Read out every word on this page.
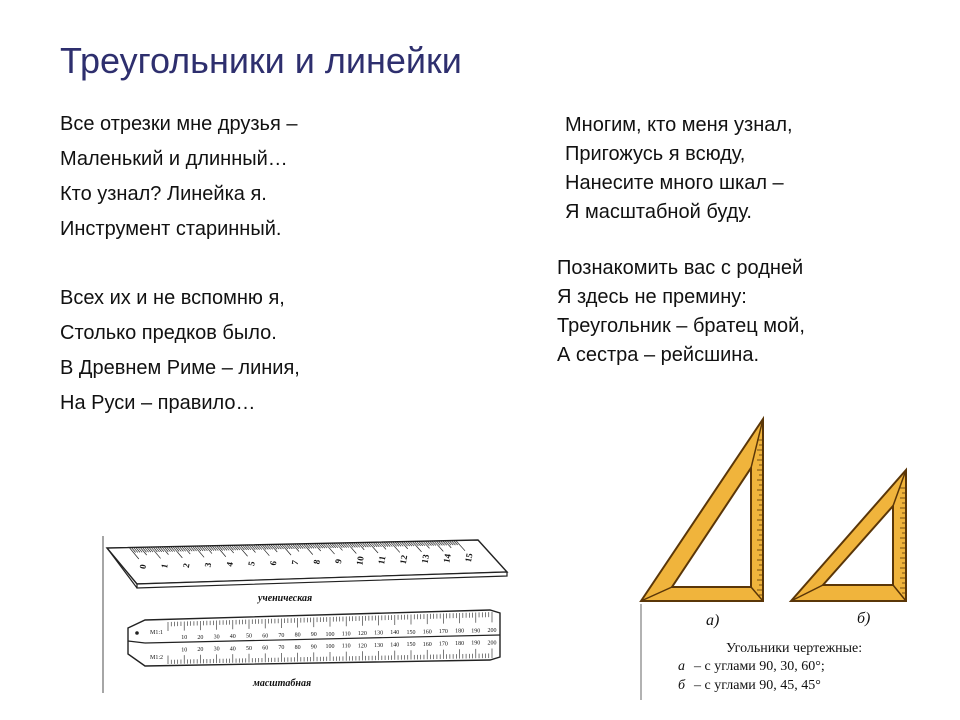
Треугольники и линейки
Все отрезки мне друзья –
Маленький и длинный…
Кто узнал? Линейка я.
Инструмент старинный.
Всех их и не вспомню я,
Столько предков было.
В Древнем Риме – линия,
На Руси – правило…
Многим, кто меня узнал,
Пригожусь я всюду,
Нанесите много шкал –
Я масштабной буду.
Познакомить вас с родней
Я здесь не премину:
Треугольник – братец мой,
А сестра – рейсшина.
0 1 2 3 4 5 6 7 8 9 10 11 12 13 14 15
ученическая
10 20 30 40 50 60 70 80 90 100 110 120 130 140 150 160 170 180 190 200
10 20 30 40 50 60 70 80 90 100 110 120 130 140 150 160 170 180 190 200
М1:1
М1:2
масштабная
а)	б)
Угольники чертежные:
а – с углами 90, 30, 60°;
б – с углами 90, 45, 45°
